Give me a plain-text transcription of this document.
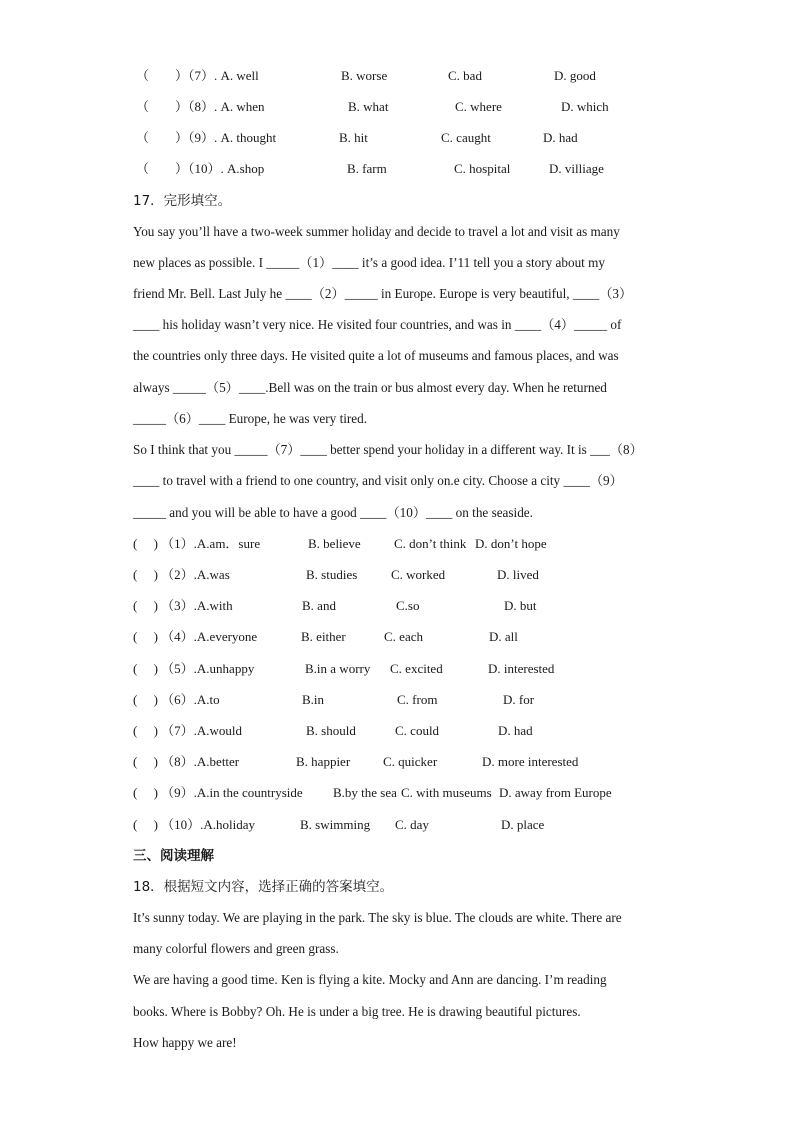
（　　）（7）. A. well	B. worse	C. bad	D. good
（　　）（8）. A. when	B. what	C. where	D. which
（　　）（9）. A. thought	B. hit	C. caught	D. had
（　　）（10）. A.shop	B. farm	C. hospital	D. villiage
17．完形填空。
You say you’ll have a two-week summer holiday and decide to travel a lot and visit as many
new places as possible. I _____（1）____ it’s a good idea. I’11 tell you a story about my
friend Mr. Bell. Last July he ____（2）_____ in Europe. Europe is very beautiful, ____（3）
____ his holiday wasn’t very nice. He visited four countries, and was in ____（4）_____ of
the countries only three days. He visited quite a lot of museums and famous places, and was
always _____（5）____.Bell was on the train or bus almost every day. When he returned
_____（6）____ Europe, he was very tired.
So I think that you _____（7）____ better spend your holiday in a different way. It is ___（8）
____ to travel with a friend to one country, and visit only on.e city. Choose a city ____（9）
_____ and you will be able to have a good ____（10）____ on the seaside.
(　 ) （1）.A.am．sure	B. believe	C. don’t think D. don’t hope
(　 ) （2）.A.was	B. studies	C. worked	D. lived
(　 ) （3）.A.with	B. and	C.so	D. but
(　 ) （4）.A.everyone	B. either	C. each	D. all
(　 ) （5）.A.unhappy	B.in a worry C. excited	D. interested
(　 ) （6）.A.to	B.in	C. from	D. for
(　 ) （7）.A.would	B. should	C. could	D. had
(　 ) （8）.A.better	B. happier	C. quicker	D. more interested
(　 ) （9）.A.in the countryside B.by the sea C. with museums D. away from Europe
(　 ) （10）.A.holiday	B. swimming C. day	D. place
三、阅读理解
18．根据短文内容，选择正确的答案填空。
It’s sunny today. We are playing in the park. The sky is blue. The clouds are white. There are
many colorful flowers and green grass.
We are having a good time. Ken is flying a kite. Mocky and Ann are dancing. I’m reading
books. Where is Bobby? Oh. He is under a big tree. He is drawing beautiful pictures.
How happy we are!
